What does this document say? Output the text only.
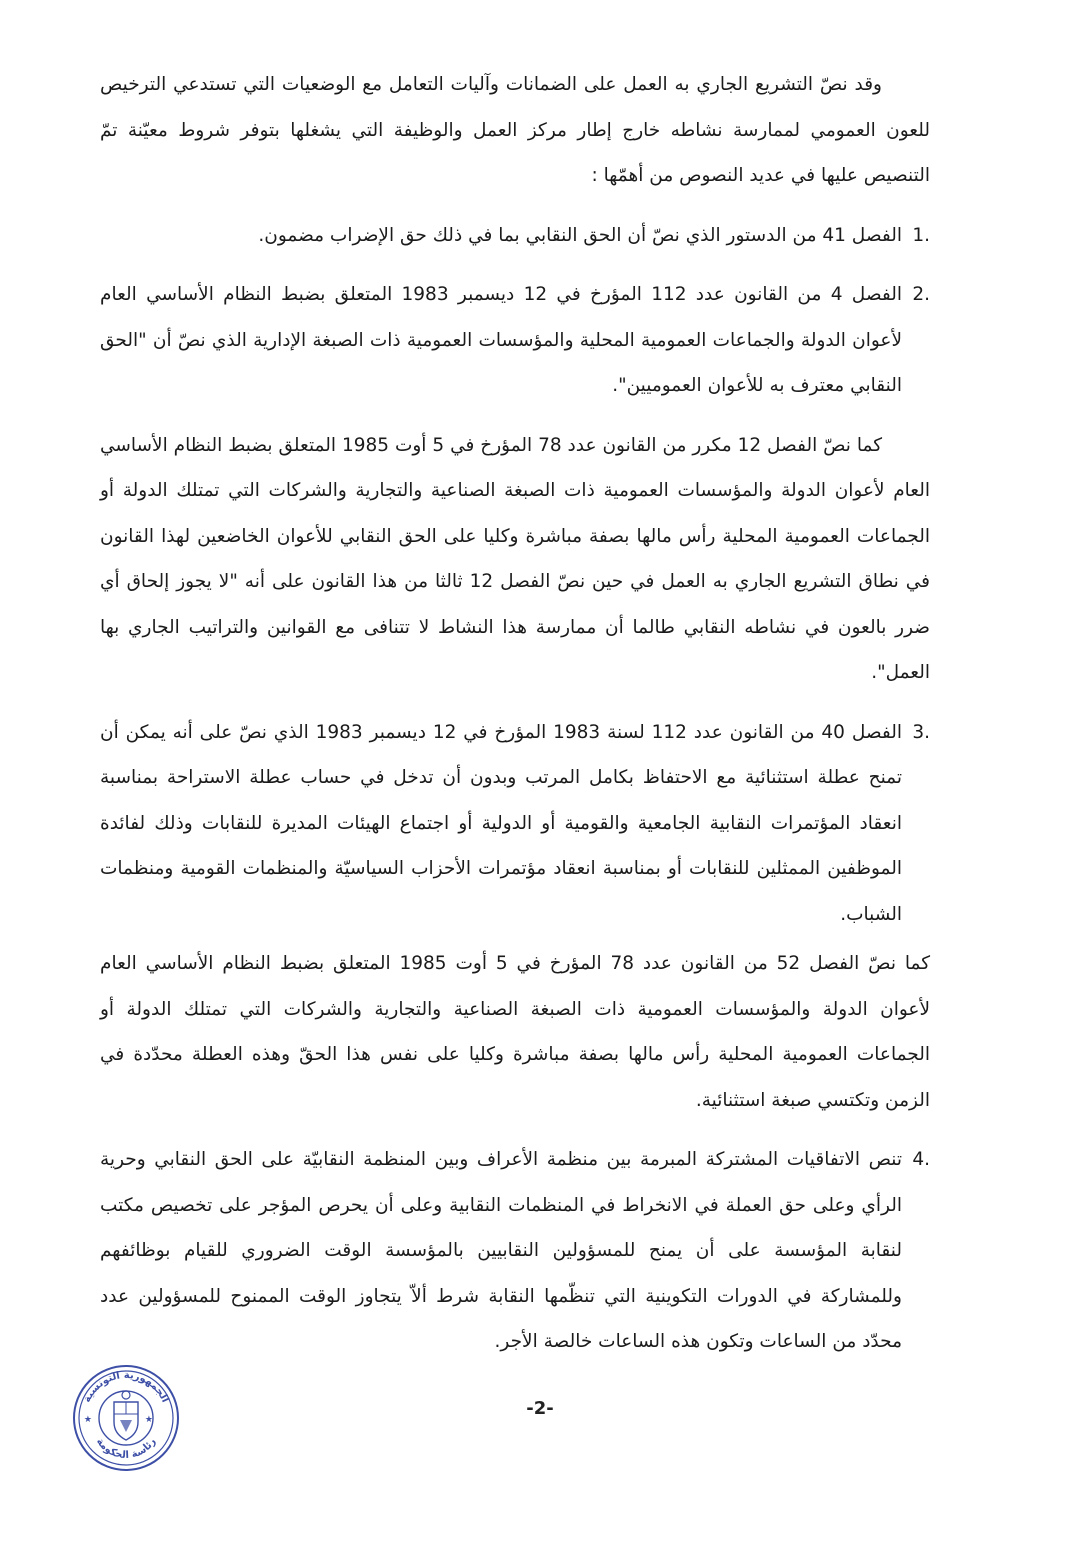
وقد نصّ التشريع الجاري به العمل على الضمانات وآليات التعامل مع الوضعيات التي تستدعي الترخيص للعون العمومي لممارسة نشاطه خارج إطار مركز العمل والوظيفة التي يشغلها بتوفر شروط معيّنة تمّ التنصيص عليها في عديد النصوص من أهمّها :

1.
الفصل 41 من الدستور الذي نصّ أن الحق النقابي بما في ذلك حق الإضراب مضمون.
2.
الفصل 4 من القانون عدد 112 المؤرخ في 12 ديسمبر 1983 المتعلق بضبط النظام الأساسي العام لأعوان الدولة والجماعات العمومية المحلية والمؤسسات العمومية ذات الصبغة الإدارية الذي نصّ أن "الحق النقابي معترف به للأعوان العموميين".

كما نصّ الفصل 12 مكرر من القانون عدد 78 المؤرخ في 5 أوت 1985 المتعلق بضبط النظام الأساسي العام لأعوان الدولة والمؤسسات العمومية ذات الصبغة الصناعية والتجارية والشركات التي تمتلك الدولة أو الجماعات العمومية المحلية رأس مالها بصفة مباشرة وكليا على الحق النقابي للأعوان الخاضعين لهذا القانون في نطاق التشريع الجاري به العمل في حين نصّ الفصل 12 ثالثا من هذا القانون على أنه "لا يجوز إلحاق أي ضرر بالعون في نشاطه النقابي طالما أن ممارسة هذا النشاط لا تتنافى مع القوانين والتراتيب الجاري بها العمل".

3.
الفصل 40 من القانون عدد 112 لسنة 1983 المؤرخ في 12 ديسمبر 1983 الذي نصّ على أنه يمكن أن تمنح عطلة استثنائية مع الاحتفاظ بكامل المرتب وبدون أن تدخل في حساب عطلة الاستراحة بمناسبة انعقاد المؤتمرات النقابية الجامعية والقومية أو الدولية أو اجتماع الهيئات المديرة للنقابات وذلك لفائدة الموظفين الممثلين للنقابات أو بمناسبة انعقاد مؤتمرات الأحزاب السياسيّة والمنظمات القومية ومنظمات الشباب.

كما نصّ الفصل 52 من القانون عدد 78 المؤرخ في 5 أوت 1985 المتعلق بضبط النظام الأساسي العام لأعوان الدولة والمؤسسات العمومية ذات الصبغة الصناعية والتجارية والشركات التي تمتلك الدولة أو الجماعات العمومية المحلية رأس مالها بصفة مباشرة وكليا على نفس هذا الحقّ وهذه العطلة محدّدة في الزمن وتكتسي صبغة استثنائية.

4.
تنص الاتفاقيات المشتركة المبرمة بين منظمة الأعراف وبين المنظمة النقابيّة على الحق النقابي وحرية الرأي وعلى حق العملة في الانخراط في المنظمات النقابية وعلى أن يحرص المؤجر على تخصيص مكتب لنقابة المؤسسة على أن يمنح للمسؤولين النقابيين بالمؤسسة الوقت الضروري للقيام بوظائفهم وللمشاركة في الدورات التكوينية التي تنظّمها النقابة شرط ألاّ يتجاوز الوقت الممنوح للمسؤولين عدد محدّد من الساعات وتكون هذه الساعات خالصة الأجر.
الجمهورية التونسية
رئاسة الحكومة
★	★
-2-
